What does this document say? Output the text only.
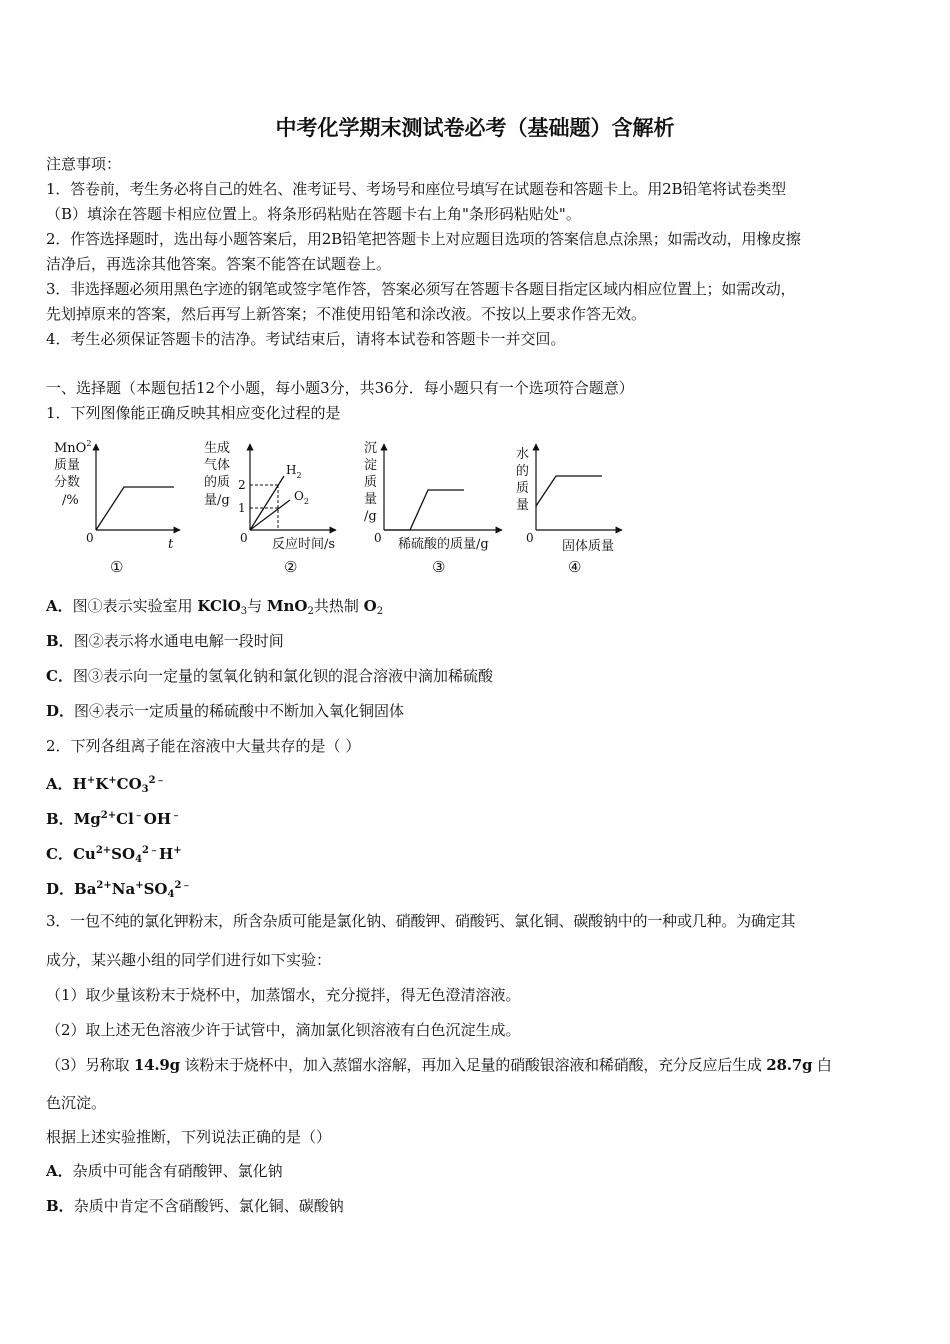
中考化学期末测试卷必考（基础题）含解析
注意事项：
1．答卷前，考生务必将自己的姓名、准考证号、考场号和座位号填写在试题卷和答题卡上。用2B铅笔将试卷类型
（B）填涂在答题卡相应位置上。将条形码粘贴在答题卡右上角"条形码粘贴处"。
2．作答选择题时，选出每小题答案后，用2B铅笔把答题卡上对应题目选项的答案信息点涂黑；如需改动，用橡皮擦
洁净后，再选涂其他答案。答案不能答在试题卷上。
3．非选择题必须用黑色字迹的钢笔或签字笔作答，答案必须写在答题卡各题目指定区域内相应位置上；如需改动，
先划掉原来的答案，然后再写上新答案；不准使用铅笔和涂改液。不按以上要求作答无效。
4．考生必须保证答题卡的洁净。考试结束后，请将本试卷和答题卡一并交回。
一、选择题（本题包括12个小题，每小题3分，共36分．每小题只有一个选项符合题意）
1．下列图像能正确反映其相应变化过程的是
MnO$^2$
质量
分数
/%
0	t
①
生成
气体
的质
量/g
2
1
$H_2$
$O_2$
0 反应时间/s
②
沉
淀
质
量
/g
0 稀硫酸的质量/g
③
水
的
质
量
0
固体质量
④
A．图①表示实验室用 KClO$_3$与 MnO$_2$共热制 $O_2$
B．图②表示将水通电电解一段时间
C．图③表示向一定量的氢氧化钠和氯化钡的混合溶液中滴加稀硫酸
D．图④表示一定质量的稀硫酸中不断加入氧化铜固体
2．下列各组离子能在溶液中大量共存的是（ ）
A．$H^+K^+CO_3^{2﹣}$
B．$Mg^{2+}Cl^﹣OH^﹣$
C．$Cu^{2+}SO_4^{2﹣}H^+$
D．$Ba^{2+}Na^+SO_4^{2﹣}$
3．一包不纯的氯化钾粉末，所含杂质可能是氯化钠、硝酸钾、硝酸钙、氯化铜、碳酸钠中的一种或几种。为确定其
成分，某兴趣小组的同学们进行如下实验：
（1）取少量该粉末于烧杯中，加蒸馏水，充分搅拌，得无色澄清溶液。
（2）取上述无色溶液少许于试管中，滴加氯化钡溶液有白色沉淀生成。
（3）另称取 14.9g 该粉末于烧杯中，加入蒸馏水溶解，再加入足量的硝酸银溶液和稀硝酸，充分反应后生成 28.7g 白
色沉淀。
根据上述实验推断，下列说法正确的是（）
A．杂质中可能含有硝酸钾、氯化钠
B．杂质中肯定不含硝酸钙、氯化铜、碳酸钠
